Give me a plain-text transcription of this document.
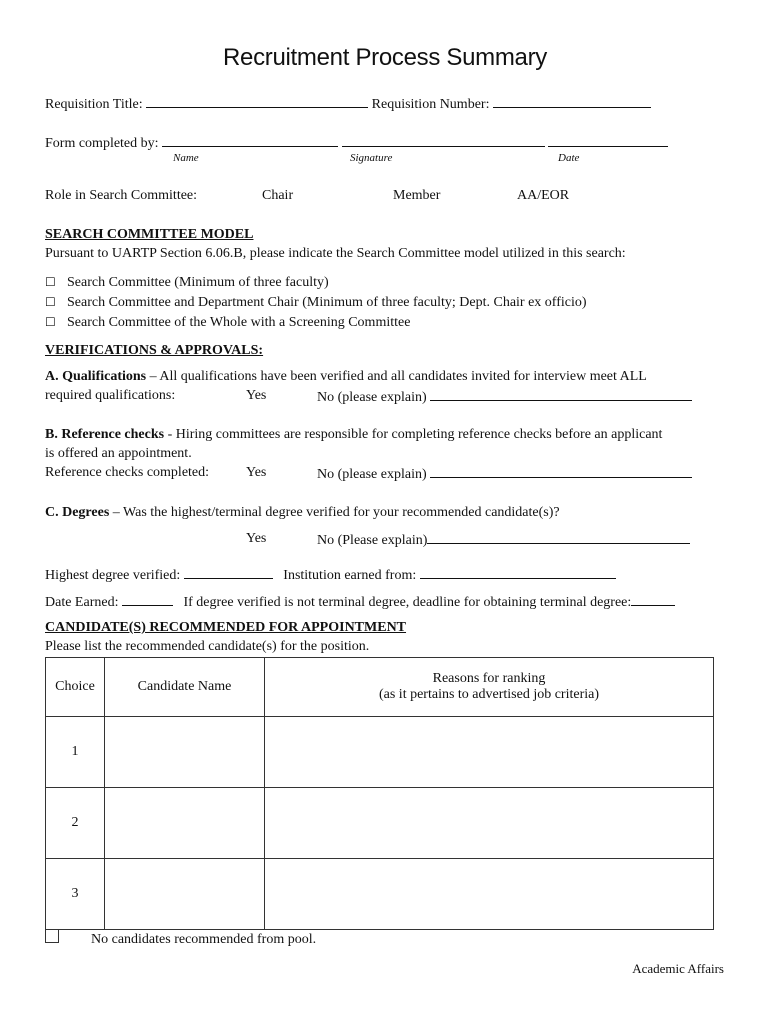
Recruitment Process Summary
Requisition Title:	Requisition Number:
Form completed by:
Name	Signature	Date
Role in Search Committee:	Chair	Member	AA/EOR
SEARCH COMMITTEE MODEL
Pursuant to UARTP Section 6.06.B, please indicate the Search Committee model utilized in this search:
☐ Search Committee (Minimum of three faculty)
☐ Search Committee and Department Chair (Minimum of three faculty; Dept. Chair ex officio)
☐ Search Committee of the Whole with a Screening Committee
VERIFICATIONS & APPROVALS:
A. Qualifications – All qualifications have been verified and all candidates invited for interview meet ALL
required qualifications:	Yes	No (please explain)
B. Reference checks - Hiring committees are responsible for completing reference checks before an applicant
is offered an appointment.
Reference checks completed:	Yes	No (please explain)
C. Degrees – Was the highest/terminal degree verified for your recommended candidate(s)?
Yes	No (Please explain)
Highest degree verified:	Institution earned from:
Date Earned:	If degree verified is not terminal degree, deadline for obtaining terminal degree:
CANDIDATE(S) RECOMMENDED FOR APPOINTMENT
Please list the recommended candidate(s) for the position.
Choice	Candidate Name	Reasons for ranking
(as it pertains to advertised job criteria)

1		
2		
3		
No candidates recommended from pool.
Academic Affairs
